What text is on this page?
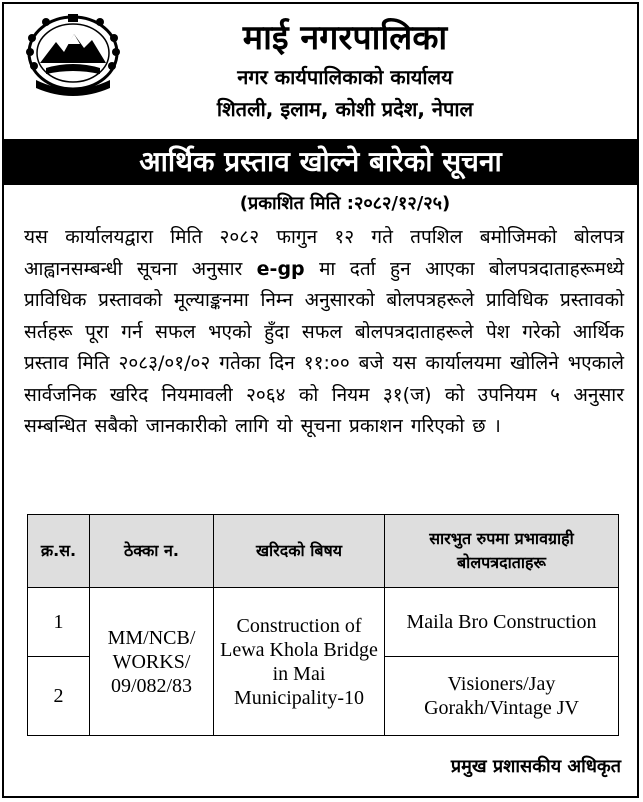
माई नगरपालिका
नगर कार्यपालिकाको कार्यालय
शितली, इलाम, कोशी प्रदेश, नेपाल
आर्थिक प्रस्ताव खोल्ने बारेको सूचना
(प्रकाशित मिति :२०८२/१२/२५)
यस कार्यालयद्वारा मिति २०८२ फागुन १२ गते तपशिल बमोजिमको बोलपत्र आह्वानसम्बन्धी सूचना अनुसार e-gp मा दर्ता हुन आएका बोलपत्रदाताहरूमध्ये प्राविधिक प्रस्तावको मूल्याङ्कनमा निम्न अनुसारको बोलपत्रहरूले प्राविधिक प्रस्तावको सर्तहरू पूरा गर्न सफल भएको हुँदा सफल बोलपत्रदाताहरूले पेश गरेको आर्थिक प्रस्ताव मिति २०८३/०१/०२ गतेका दिन ११:०० बजे यस कार्यालयमा खोलिने भएकाले सार्वजनिक खरिद नियमावली २०६४ को नियम ३१(ज) को उपनियम ५ अनुसार सम्बन्धित सबैको जानकारीको लागि यो सूचना प्रकाशन गरिएको छ ।
क्र.स.	ठेक्का न.	खरिदको बिषय	सारभुत रुपमा प्रभावग्राही बोलपत्रदाताहरू
1	MM/NCB/ WORKS/ 09/082/83	Construction of Lewa Khola Bridge in Mai Municipality-10	Maila Bro Construction
2			Visioners/Jay Gorakh/Vintage JV
प्रमुख प्रशासकीय अधिकृत
